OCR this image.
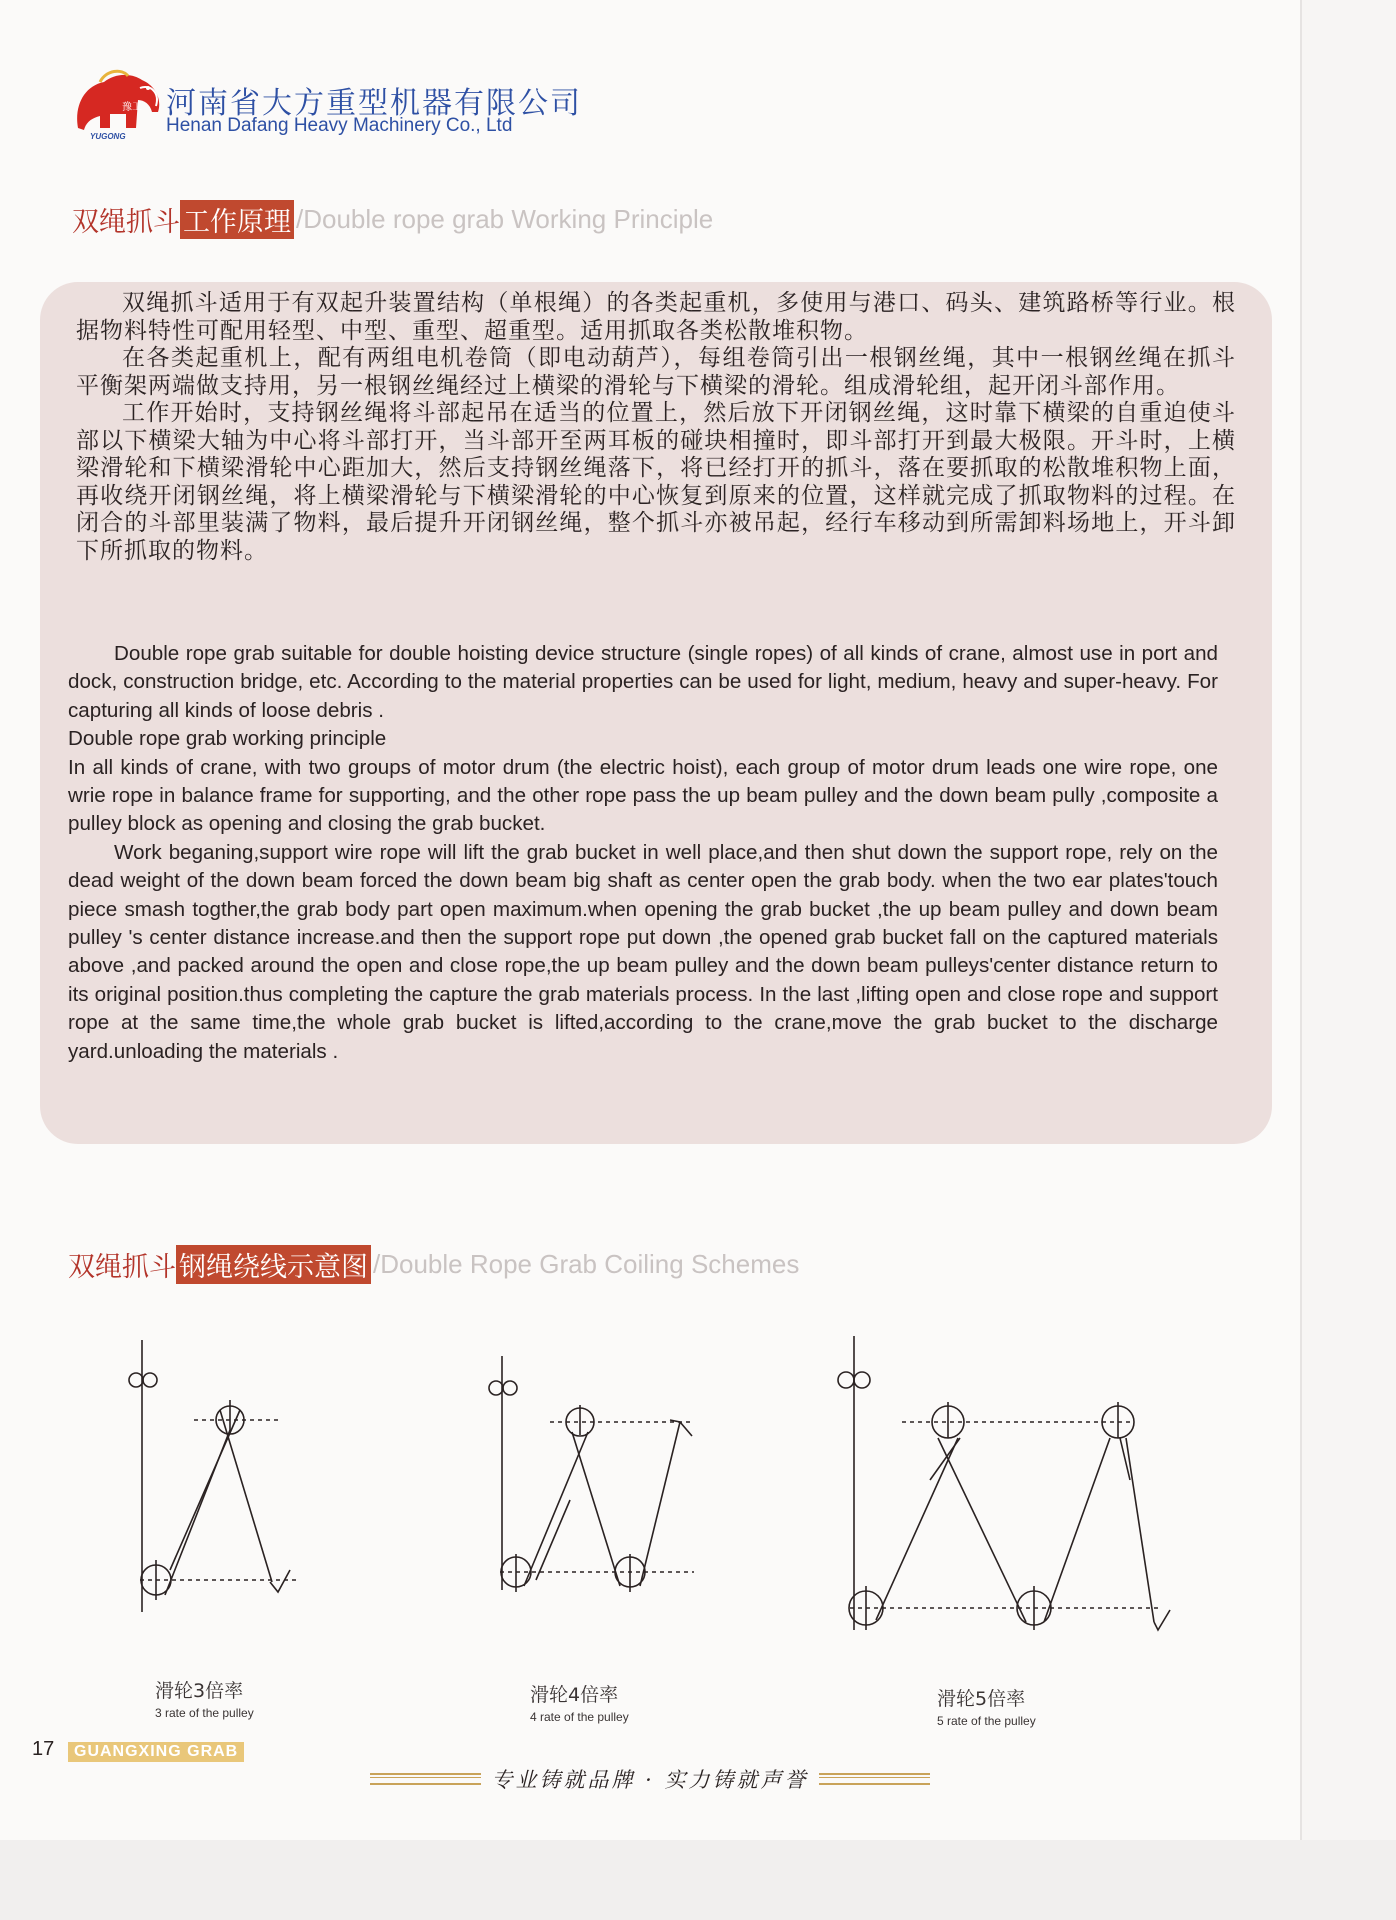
豫工
YUGONG
河南省大方重型机器有限公司
Henan Dafang Heavy Machinery Co., Ltd
双绳抓斗 工作原理 /Double rope grab Working Principle

双绳抓斗适用于有双起升装置结构（单根绳）的各类起重机，多使用与港口、码头、建筑路桥等行业。根据物料特性可配用轻型、中型、重型、超重型。适用抓取各类松散堆积物。

在各类起重机上，配有两组电机卷筒（即电动葫芦），每组卷筒引出一根钢丝绳，其中一根钢丝绳在抓斗平衡架两端做支持用，另一根钢丝绳经过上横梁的滑轮与下横梁的滑轮。组成滑轮组，起开闭斗部作用。

工作开始时，支持钢丝绳将斗部起吊在适当的位置上，然后放下开闭钢丝绳，这时靠下横梁的自重迫使斗部以下横梁大轴为中心将斗部打开，当斗部开至两耳板的碰块相撞时，即斗部打开到最大极限。开斗时，上横梁滑轮和下横梁滑轮中心距加大，然后支持钢丝绳落下，将已经打开的抓斗，落在要抓取的松散堆积物上面，再收绕开闭钢丝绳，将上横梁滑轮与下横梁滑轮的中心恢复到原来的位置，这样就完成了抓取物料的过程。在闭合的斗部里装满了物料，最后提升开闭钢丝绳，整个抓斗亦被吊起，经行车移动到所需卸料场地上，开斗卸下所抓取的物料。

Double rope grab suitable for double hoisting device structure (single ropes) of all kinds of crane, almost use in port and dock, construction bridge, etc. According to the material properties can be used for light, medium, heavy and super-heavy. For capturing all kinds of loose debris .

Double rope grab working principle

In all kinds of crane, with two groups of motor drum (the electric hoist), each group of motor drum leads one wire rope, one wrie rope in balance frame for supporting, and the other rope pass the up beam pulley and the down beam pully ,composite a pulley block as opening and closing the grab bucket.

Work beganing,support wire rope will lift the grab bucket in well place,and then shut down the support rope, rely on the dead weight of the down beam forced the down beam big shaft as center open the grab body. when the two ear plates'touch piece smash togther,the grab body part open maximum.when opening the grab bucket ,the up beam pulley and down beam pulley 's center distance increase.and then the support rope put down ,the opened grab bucket fall on the captured materials above ,and packed around the open and close rope,the up beam pulley and the down beam pulleys'center distance return to its original position.thus completing the capture the grab materials process. In the last ,lifting open and close rope and support rope at the same time,the whole grab bucket is lifted,according to the crane,move the grab bucket to the discharge yard.unloading the materials .

双绳抓斗 钢绳绕线示意图 /Double Rope Grab Coiling Schemes
滑轮3倍率
3 rate of the pulley
滑轮4倍率
4 rate of the pulley
滑轮5倍率
5 rate of the pulley
17	GUANGXING GRAB
专业铸就品牌 · 实力铸就声誉
